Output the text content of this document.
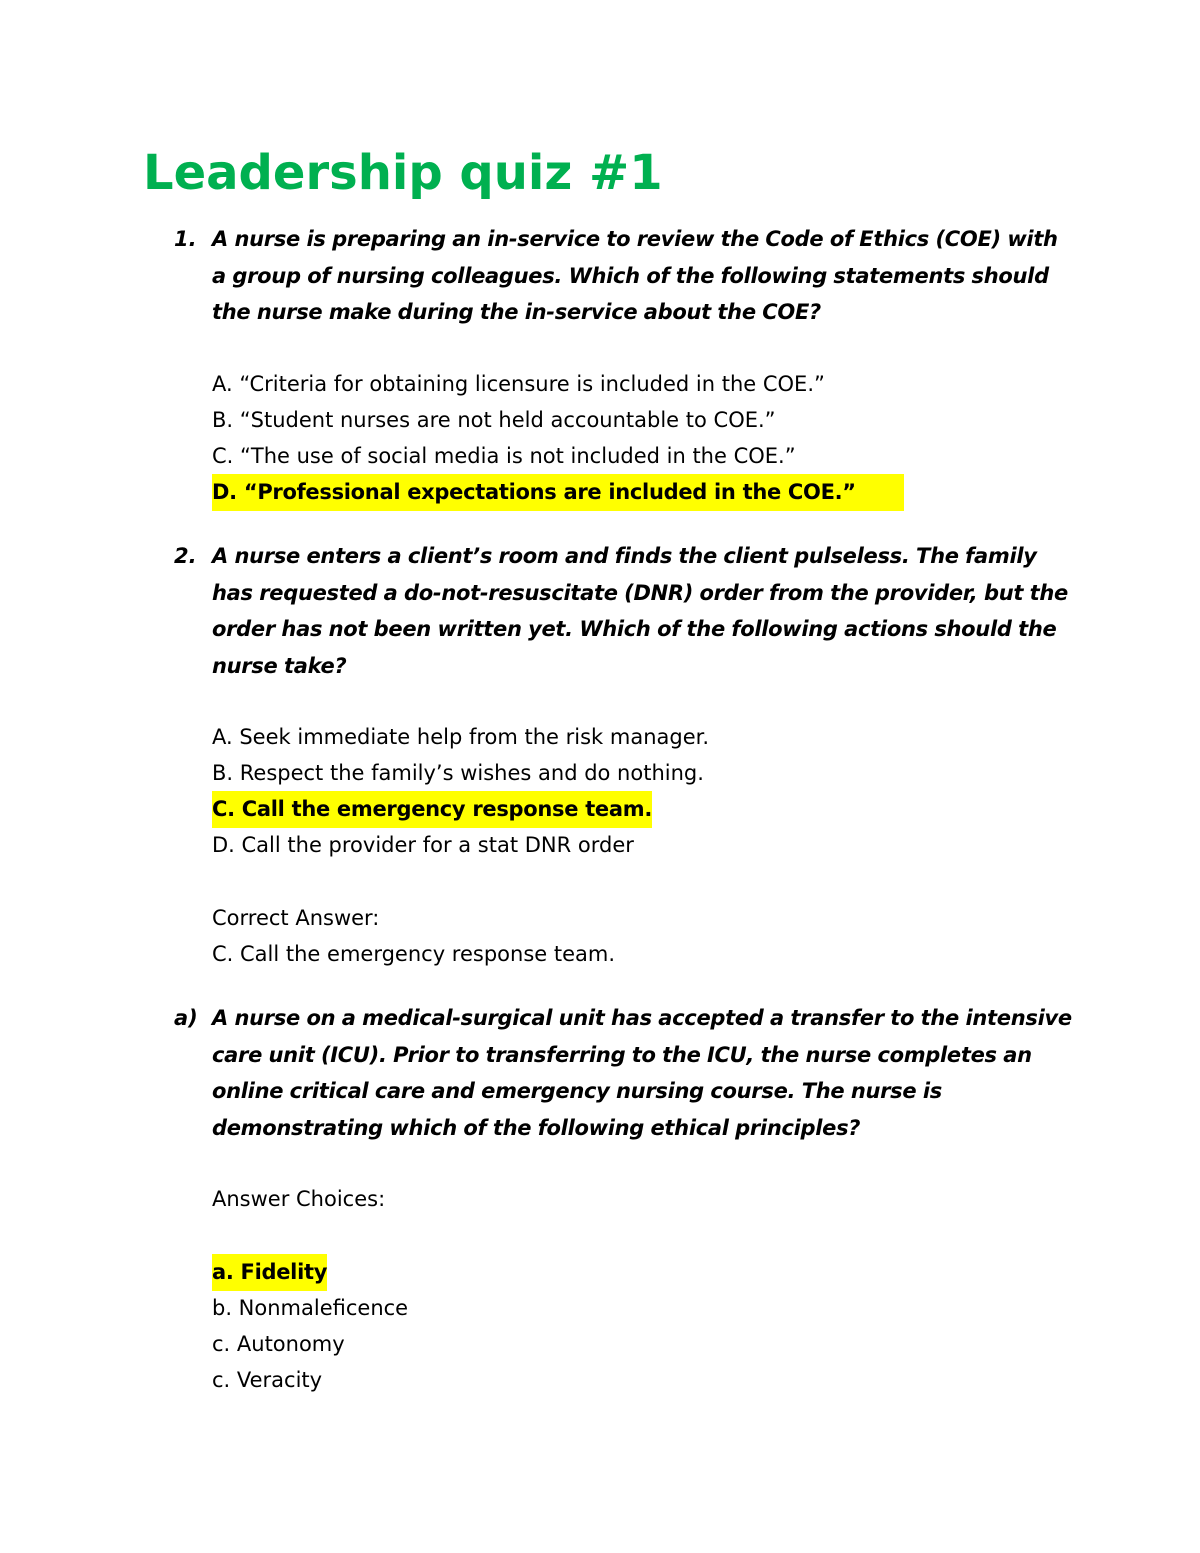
Leadership quiz #1
1. A nurse is preparing an in-service to review the Code of Ethics (COE) with a group of nursing colleagues. Which of the following statements should the nurse make during the in-service about the COE?

A. “Criteria for obtaining licensure is included in the COE.”

B. “Student nurses are not held accountable to COE.”

C. “The use of social media is not included in the COE.”

D. “Professional expectations are included in the COE.”

2. A nurse enters a client’s room and finds the client pulseless. The family has requested a do-not-resuscitate (DNR) order from the provider, but the order has not been written yet. Which of the following actions should the nurse take?

A. Seek immediate help from the risk manager.

B. Respect the family’s wishes and do nothing.

C. Call the emergency response team.

D. Call the provider for a stat DNR order

Correct Answer:

C. Call the emergency response team.

a) A nurse on a medical-surgical unit has accepted a transfer to the intensive care unit (ICU). Prior to transferring to the ICU, the nurse completes an online critical care and emergency nursing course. The nurse is demonstrating which of the following ethical principles?

Answer Choices:

a. Fidelity

b. Nonmaleficence

c. Autonomy

c. Veracity
